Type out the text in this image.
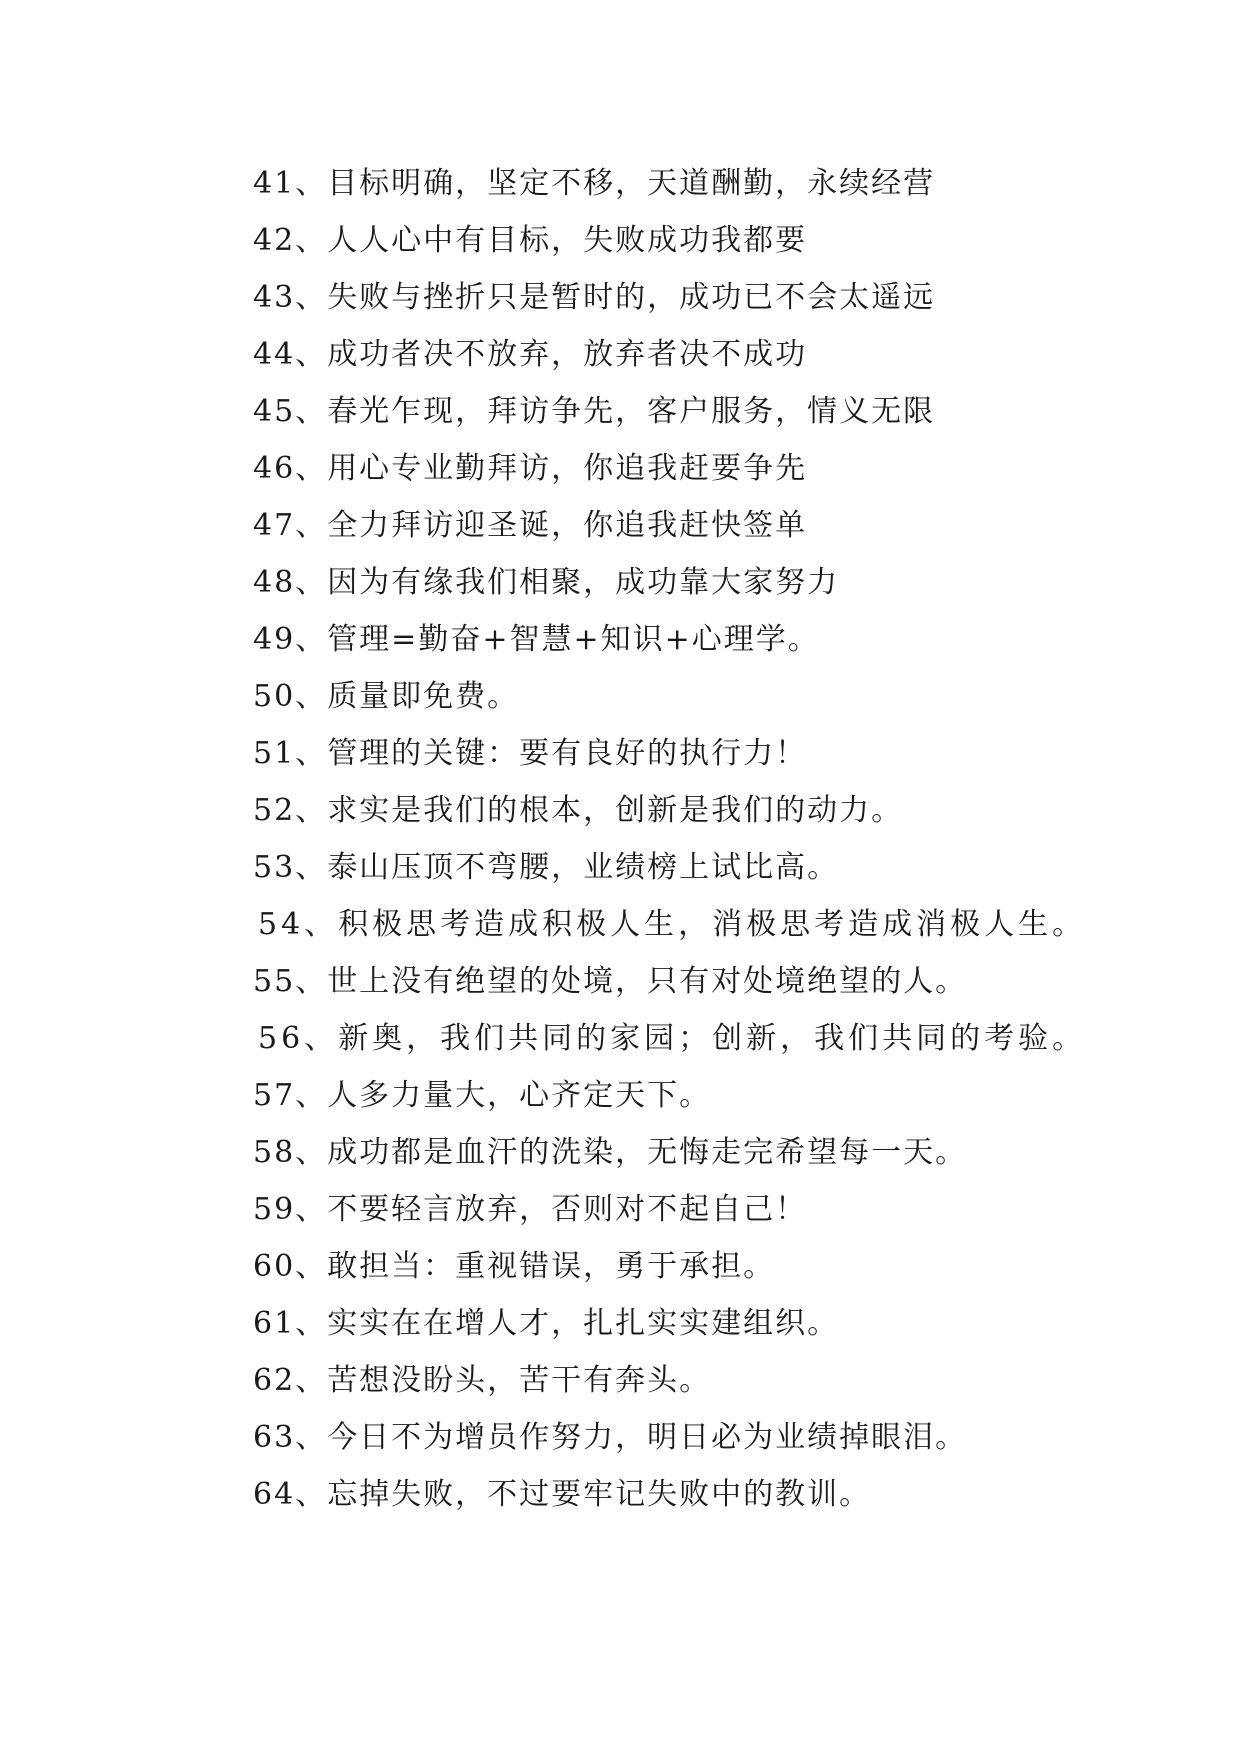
41、目标明确，坚定不移，天道酬勤，永续经营
42、人人心中有目标，失败成功我都要
43、失败与挫折只是暂时的，成功已不会太遥远
44、成功者决不放弃，放弃者决不成功
45、春光乍现，拜访争先，客户服务，情义无限
46、用心专业勤拜访，你追我赶要争先
47、全力拜访迎圣诞，你追我赶快签单
48、因为有缘我们相聚，成功靠大家努力
49、管理=勤奋+智慧+知识+心理学。
50、质量即免费。
51、管理的关键：要有良好的执行力！
52、求实是我们的根本，创新是我们的动力。
53、泰山压顶不弯腰，业绩榜上试比高。
54、积极思考造成积极人生，消极思考造成消极人生。
55、世上没有绝望的处境，只有对处境绝望的人。
56、新奥，我们共同的家园；创新，我们共同的考验。
57、人多力量大，心齐定天下。
58、成功都是血汗的洗染，无悔走完希望每一天。
59、不要轻言放弃，否则对不起自己！
60、敢担当：重视错误，勇于承担。
61、实实在在增人才，扎扎实实建组织。
62、苦想没盼头，苦干有奔头。
63、今日不为增员作努力，明日必为业绩掉眼泪。
64、忘掉失败，不过要牢记失败中的教训。
